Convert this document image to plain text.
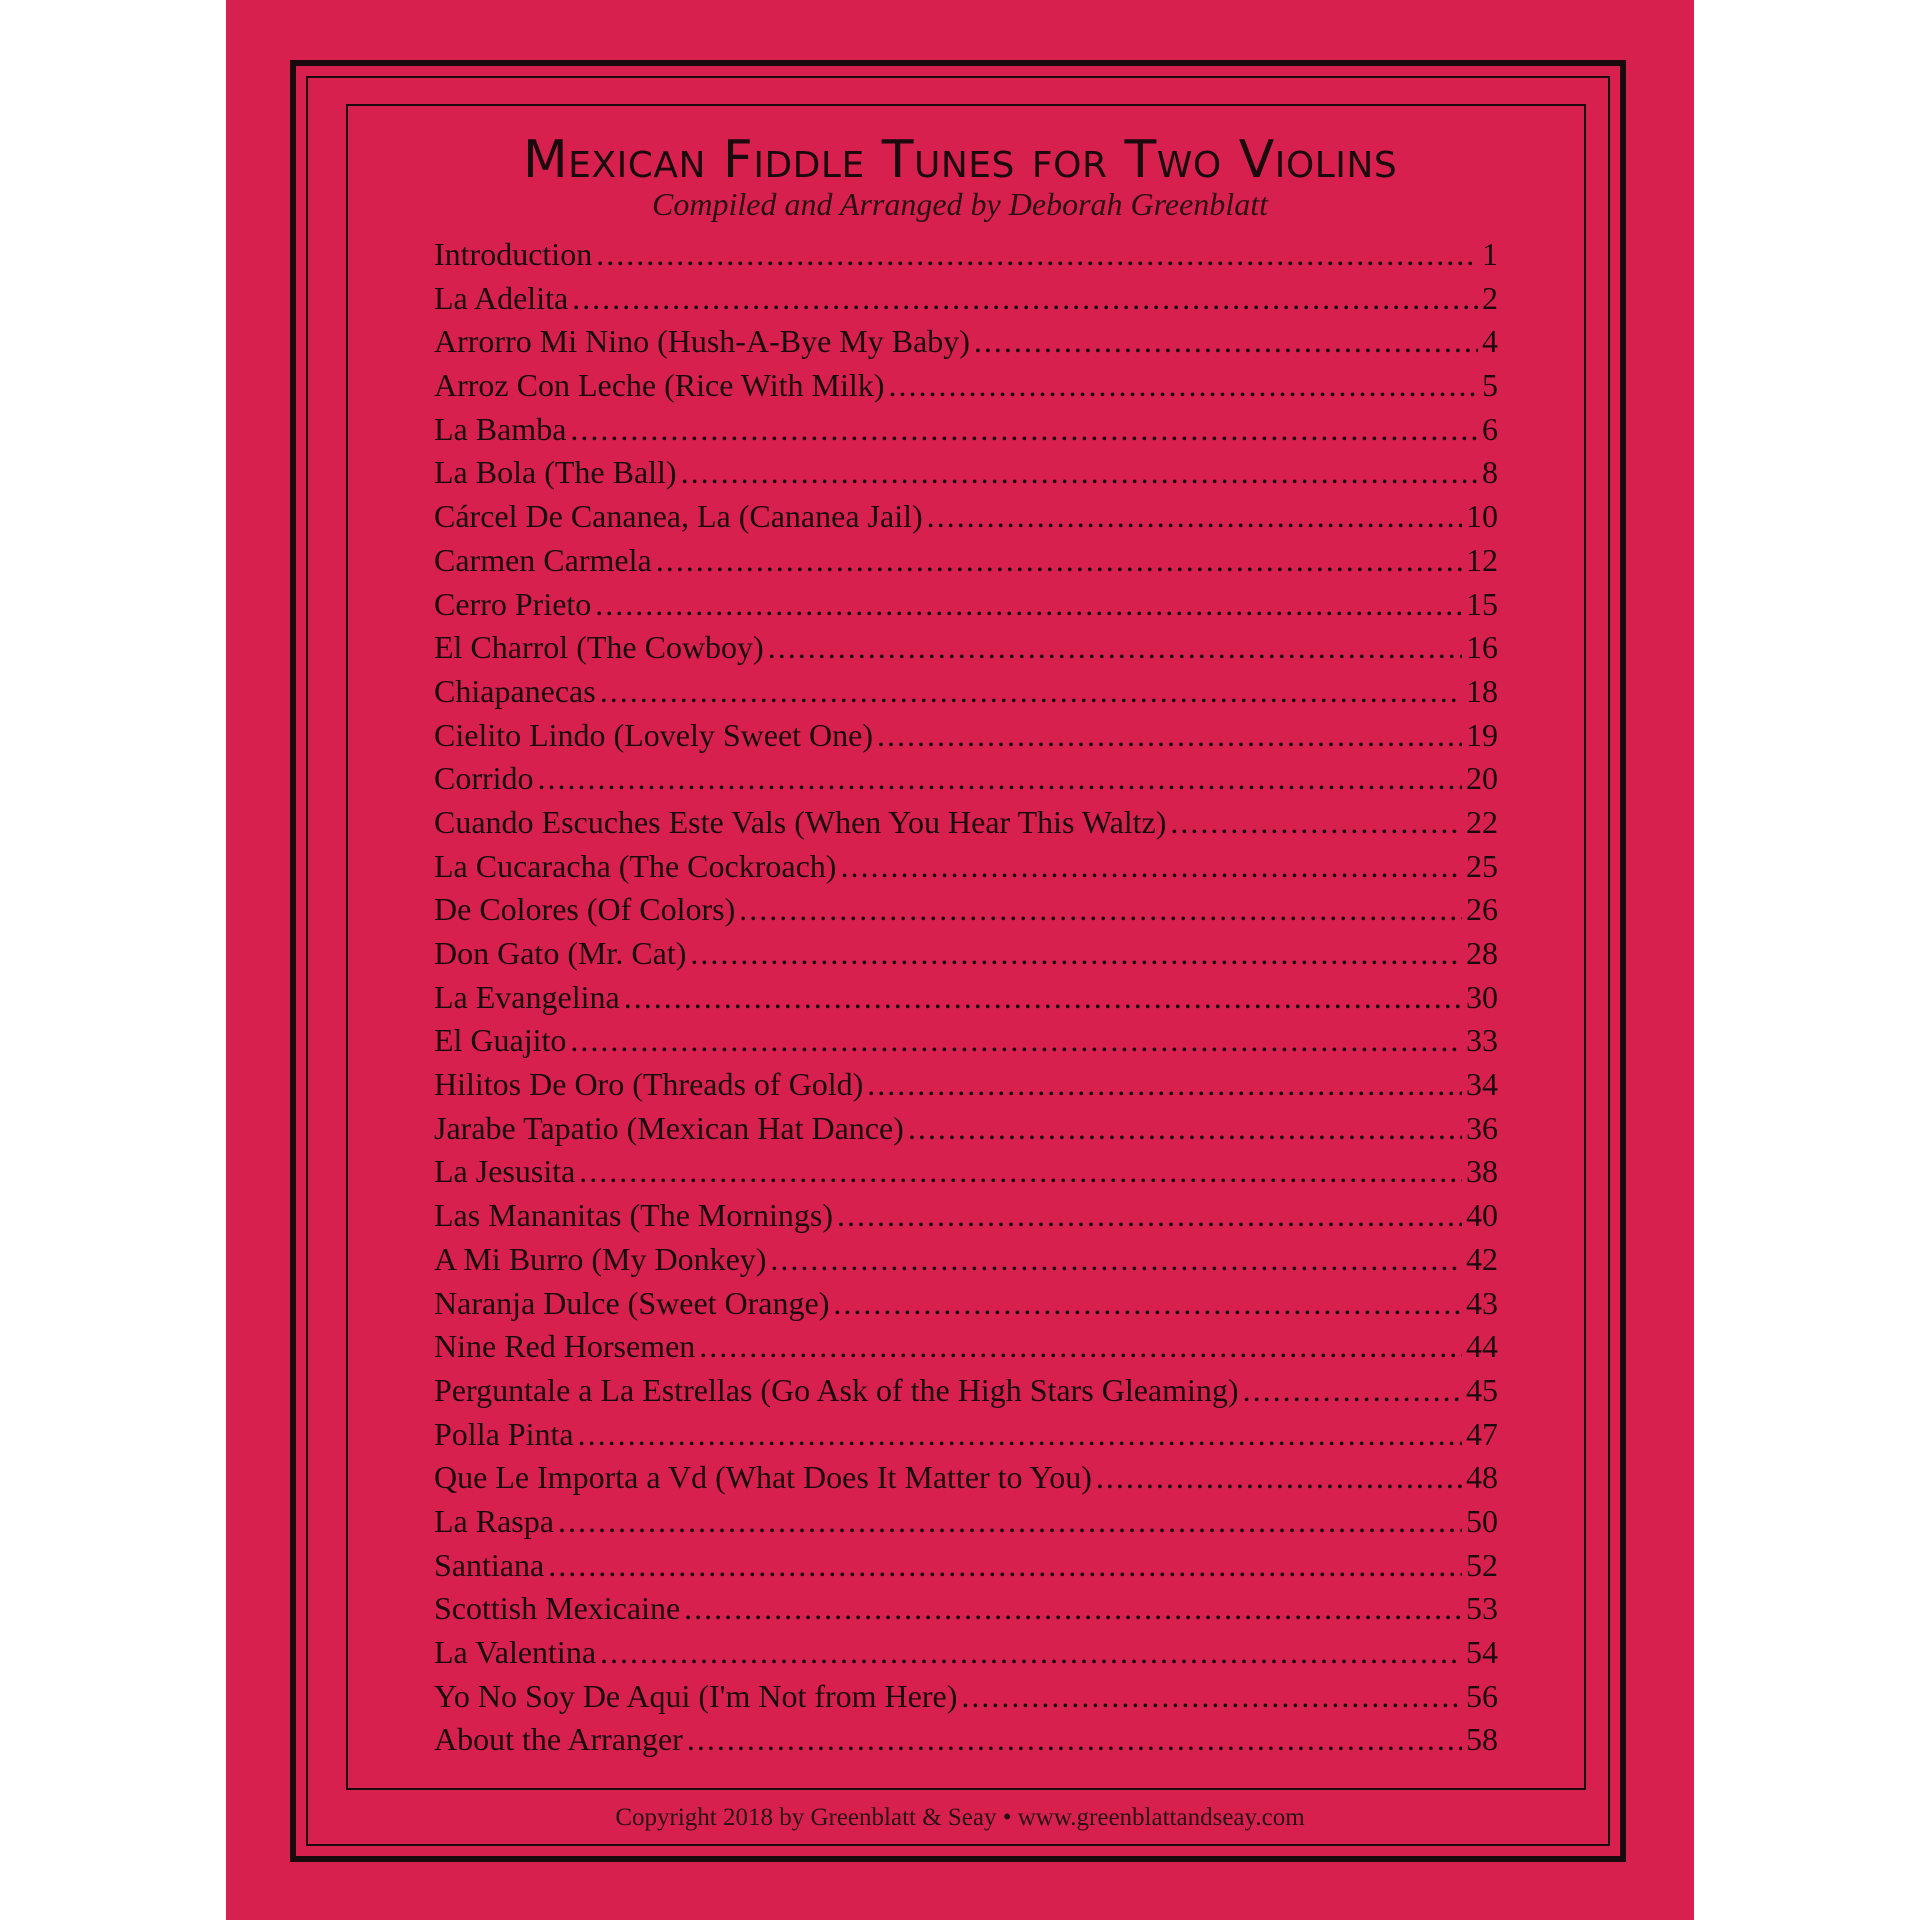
Mexican Fiddle Tunes for Two Violins
Compiled and Arranged by Deborah Greenblatt
Introduction .....	1
La Adelita .....	2
Arrorro Mi Nino (Hush-A-Bye My Baby) .....	4
Arroz Con Leche (Rice With Milk) .....	5
La Bamba .....	6
La Bola (The Ball) .....	8
Cárcel De Cananea, La (Cananea Jail) .....	10
Carmen Carmela .....	12
Cerro Prieto .....	15
El Charrol (The Cowboy) .....	16
Chiapanecas .....	18
Cielito Lindo (Lovely Sweet One) .....	19
Corrido .....	20
Cuando Escuches Este Vals (When You Hear This Waltz) .....	22
La Cucaracha (The Cockroach) .....	25
De Colores (Of Colors) .....	26
Don Gato (Mr. Cat) .....	28
La Evangelina .....	30
El Guajito .....	33
Hilitos De Oro (Threads of Gold) .....	34
Jarabe Tapatio (Mexican Hat Dance) .....	36
La Jesusita .....	38
Las Mananitas (The Mornings) .....	40
A Mi Burro (My Donkey) .....	42
Naranja Dulce (Sweet Orange) .....	43
Nine Red Horsemen .....	44
Perguntale a La Estrellas (Go Ask of the High Stars Gleaming) .....	45
Polla Pinta .....	47
Que Le Importa a Vd (What Does It Matter to You) .....	48
La Raspa .....	50
Santiana .....	52
Scottish Mexicaine .....	53
La Valentina .....	54
Yo No Soy De Aqui (I'm Not from Here) .....	56
About the Arranger .....	58
Copyright 2018 by Greenblatt & Seay • www.greenblattandseay.com
